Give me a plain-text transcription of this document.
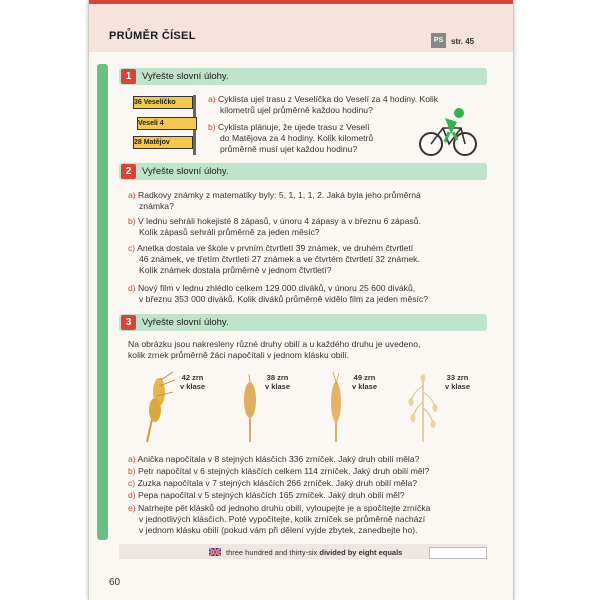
PRŮMĚR ČÍSEL	PS str. 45
1	Vyřešte slovní úlohy.
36 Veselíčko
Veselí 4
28 Matějov
a) Cyklista ujel trasu z Veselíčka do Veselí za 4 hodiny. Kolik
kilometrů ujel průměrně každou hodinu?
b) Cyklista plánuje, že ujede trasu z Veselí
do Matějova za 4 hodiny. Kolik kilometrů
průměrně musí ujet každou hodinu?
2	Vyřešte slovní úlohy.
a) Radkovy známky z matematiky byly: 5, 1, 1, 1, 2. Jaká byla jeho průměrná
známka?
b) V lednu sehráli hokejisté 8 zápasů, v únoru 4 zápasy a v březnu 6 zápasů.
Kolik zápasů sehráli průměrně za jeden měsíc?
c) Anetka dostala ve škole v prvním čtvrtletí 39 známek, ve druhém čtvrtletí
46 známek, ve třetím čtvrtletí 27 známek a ve čtvrtém čtvrtletí 32 známek.
Kolik známek dostala průměrně v jednom čtvrtletí?
d) Nový film v lednu zhlédlo celkem 129 000 diváků, v únoru 25 600 diváků,
v březnu 353 000 diváků. Kolik diváků průměrně vidělo film za jeden měsíc?
3	Vyřešte slovní úlohy.
Na obrázku jsou nakresleny různé druhy obilí a u každého druhu je uvedeno,
kolik zrnek průměrně žáci napočítali v jednom klásku obilí.
42 zrn
v klase
38 zrn
v klase
49 zrn
v klase
33 zrn
v klase
a) Anička napočítala v 8 stejných klásčích 336 zrníček. Jaký druh obilí měla?
b) Petr napočítal v 6 stejných klásčích celkem 114 zrníček. Jaký druh obilí měl?
c) Zuzka napočítala v 7 stejných klásčích 266 zrníček. Jaký druh obilí měla?
d) Pepa napočítal v 5 stejných klásčích 165 zrníček. Jaký druh obilí měl?
e) Natrhejte pět klásků od jednoho druhu obilí, vyloupejte je a spočítejte zrníčka
v jednotlivých klásčích. Poté vypočítejte, kolik zrníček se průměrně nachází
v jednom klásku obilí (pokud vám při dělení vyjde zbytek, zanedbejte ho).
three hundred and thirty-six divided by eight equals
60
